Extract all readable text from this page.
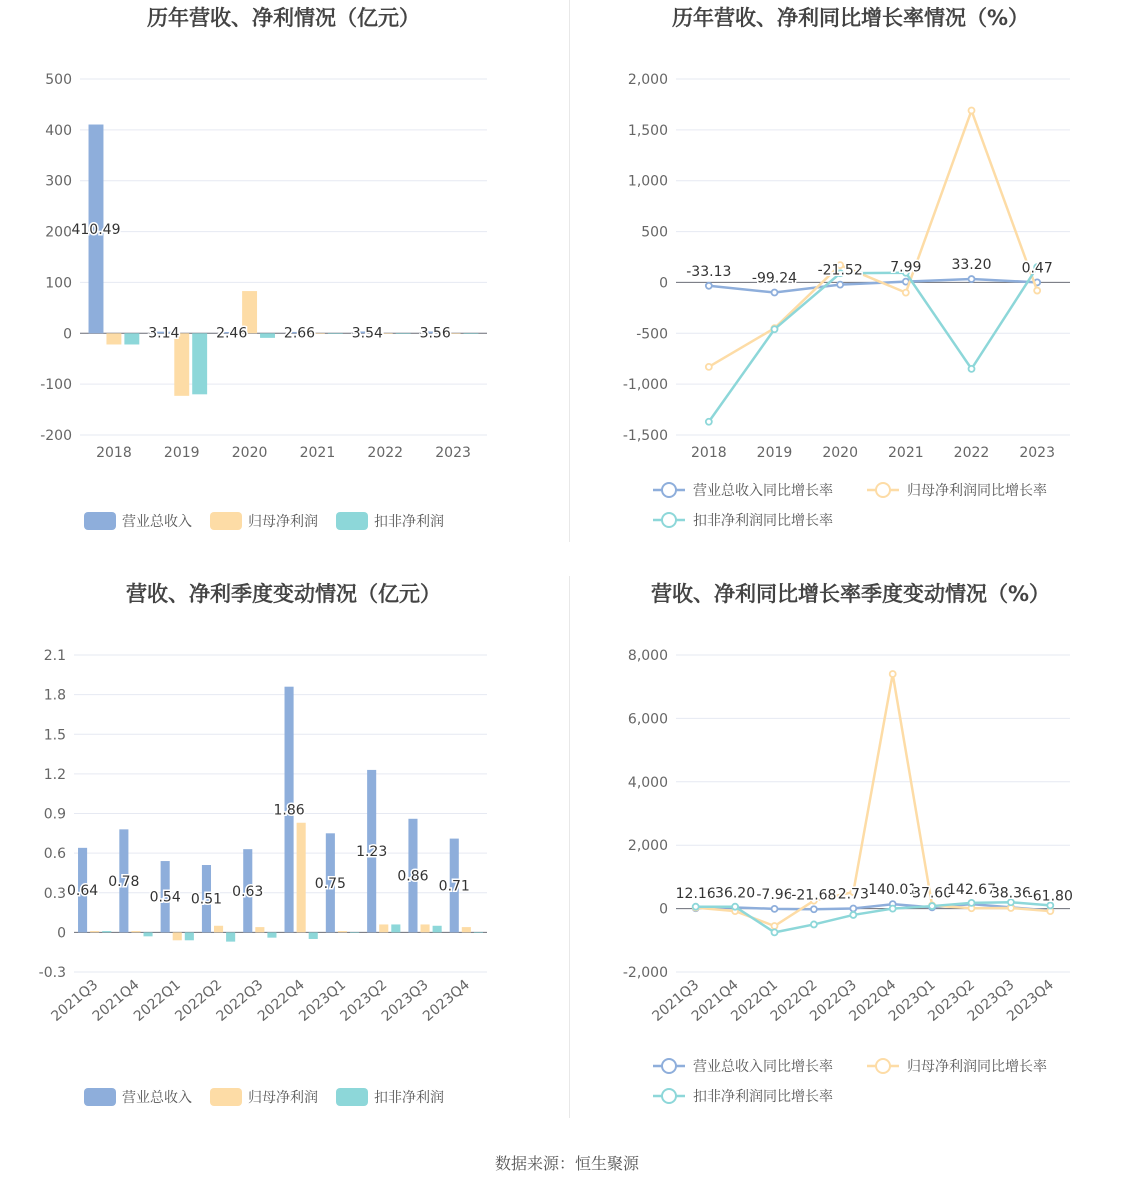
历年营收、净利情况（亿元）
-200
-100
0
100
200
300
400
500
2018 2019 2020 2021 2022 2023
410.49
3.14	2.46	2.66	3.54	3.56
营业总收入	归母净利润	扣非净利润
历年营收、净利同比增长率情况（%）
-1,500
-1,000
-500
0
500
1,000
1,500
2,000
2018 2019 2020 2021 2022 2023
-33.13 -99.24 -21.52 7.99 33.20 0.47
营业总收入同比增长率	归母净利润同比增长率
扣非净利润同比增长率
营收、净利季度变动情况（亿元）
-0.3
0
0.3
0.6
0.9
1.2
1.5
1.8
2.1
2021Q3
2021Q4
2022Q1
2022Q2
2022Q3
2022Q4
2023Q1
2023Q2
2023Q3
2023Q4
0.64
0.78
0.54 0.51 0.63
1.86
0.75
1.23
0.86
0.71
营业总收入	归母净利润	扣非净利润
营收、净利同比增长率季度变动情况（%）
-2,000
0
2,000
4,000
6,000
8,000
2021Q3
2021Q4
2022Q1
2022Q2
2022Q3
2022Q4
2023Q1
2023Q2
2023Q3
2023Q4
12.16 36.20 -7.96
-21.68 2.73 140.01
37.60
142.67
38.36
-61.80
营业总收入同比增长率	归母净利润同比增长率
扣非净利润同比增长率
数据来源：恒生聚源
